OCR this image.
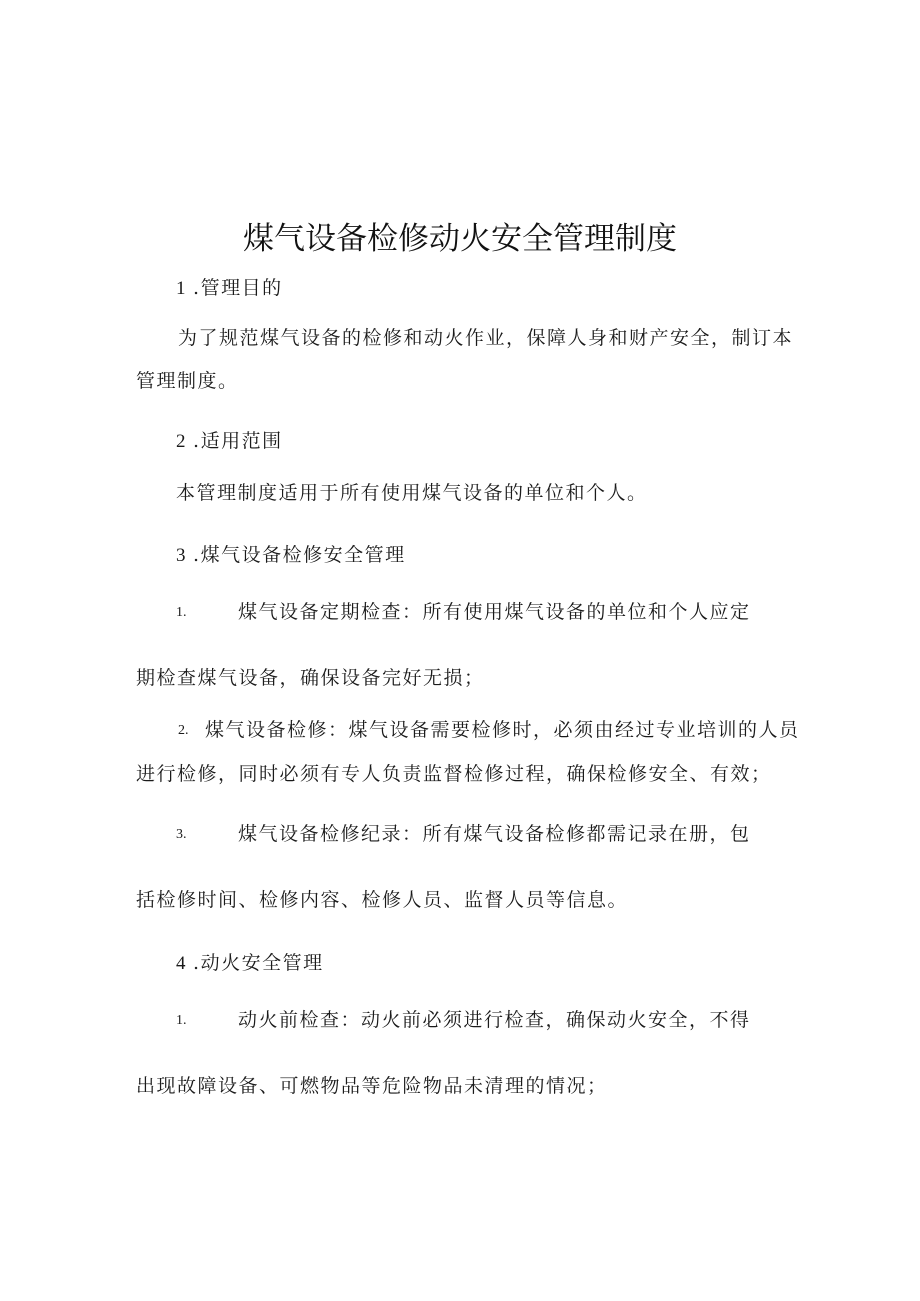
煤气设备检修动火安全管理制度
1 .管理目的
为了规范煤气设备的检修和动火作业，保障人身和财产安全，制订本
管理制度。
2 .适用范围
本管理制度适用于所有使用煤气设备的单位和个人。
3 .煤气设备检修安全管理
1.	煤气设备定期检查：所有使用煤气设备的单位和个人应定
期检查煤气设备，确保设备完好无损；
2. 煤气设备检修：煤气设备需要检修时，必须由经过专业培训的人员
进行检修，同时必须有专人负责监督检修过程，确保检修安全、有效；
3.	煤气设备检修纪录：所有煤气设备检修都需记录在册，包
括检修时间、检修内容、检修人员、监督人员等信息。
4 .动火安全管理
1.	动火前检查：动火前必须进行检查，确保动火安全，不得
出现故障设备、可燃物品等危险物品未清理的情况；
